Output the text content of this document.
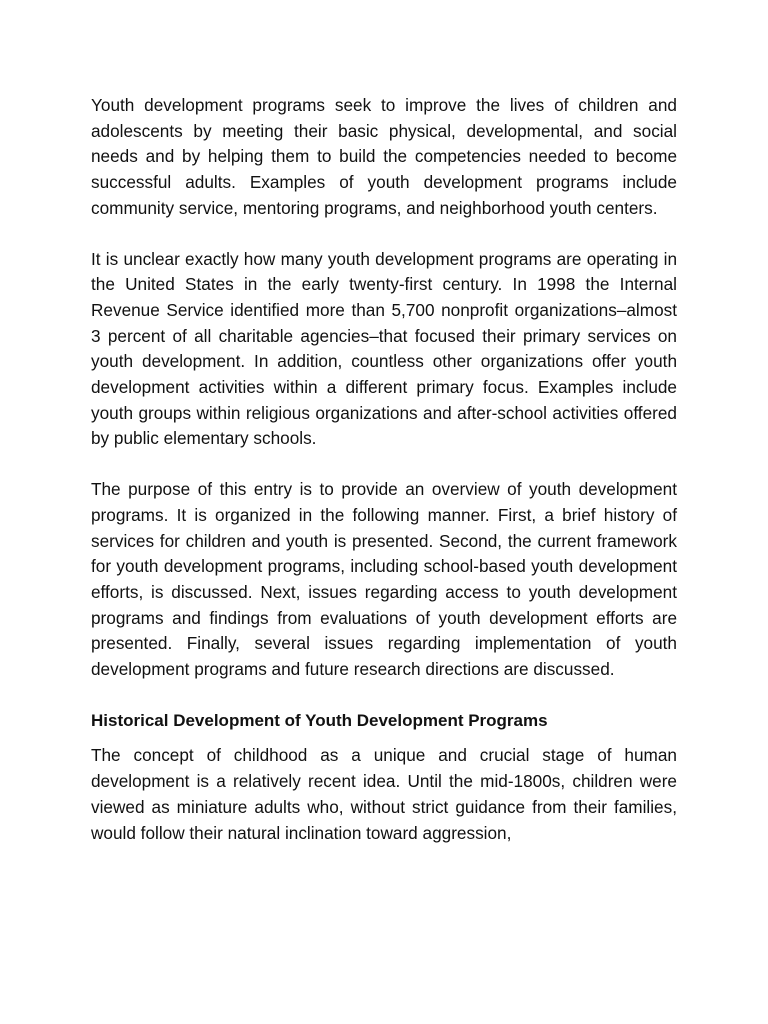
Youth development programs seek to improve the lives of children and adolescents by meeting their basic physical, developmental, and social needs and by helping them to build the competencies needed to become successful adults. Examples of youth development programs include community service, mentoring programs, and neighborhood youth centers.

It is unclear exactly how many youth development programs are operating in the United States in the early twenty-first century. In 1998 the Internal Revenue Service identified more than 5,700 nonprofit organizations–almost 3 percent of all charitable agencies–that focused their primary services on youth development. In addition, countless other organizations offer youth development activities within a different primary focus. Examples include youth groups within religious organizations and after-school activities offered by public elementary schools.

The purpose of this entry is to provide an overview of youth development programs. It is organized in the following manner. First, a brief history of services for children and youth is presented. Second, the current framework for youth development programs, including school-based youth development efforts, is discussed. Next, issues regarding access to youth development programs and findings from evaluations of youth development efforts are presented. Finally, several issues regarding implementation of youth development programs and future research directions are discussed.

Historical Development of Youth Development Programs

The concept of childhood as a unique and crucial stage of human development is a relatively recent idea. Until the mid-1800s, children were viewed as miniature adults who, without strict guidance from their families, would follow their natural inclination toward aggression,
